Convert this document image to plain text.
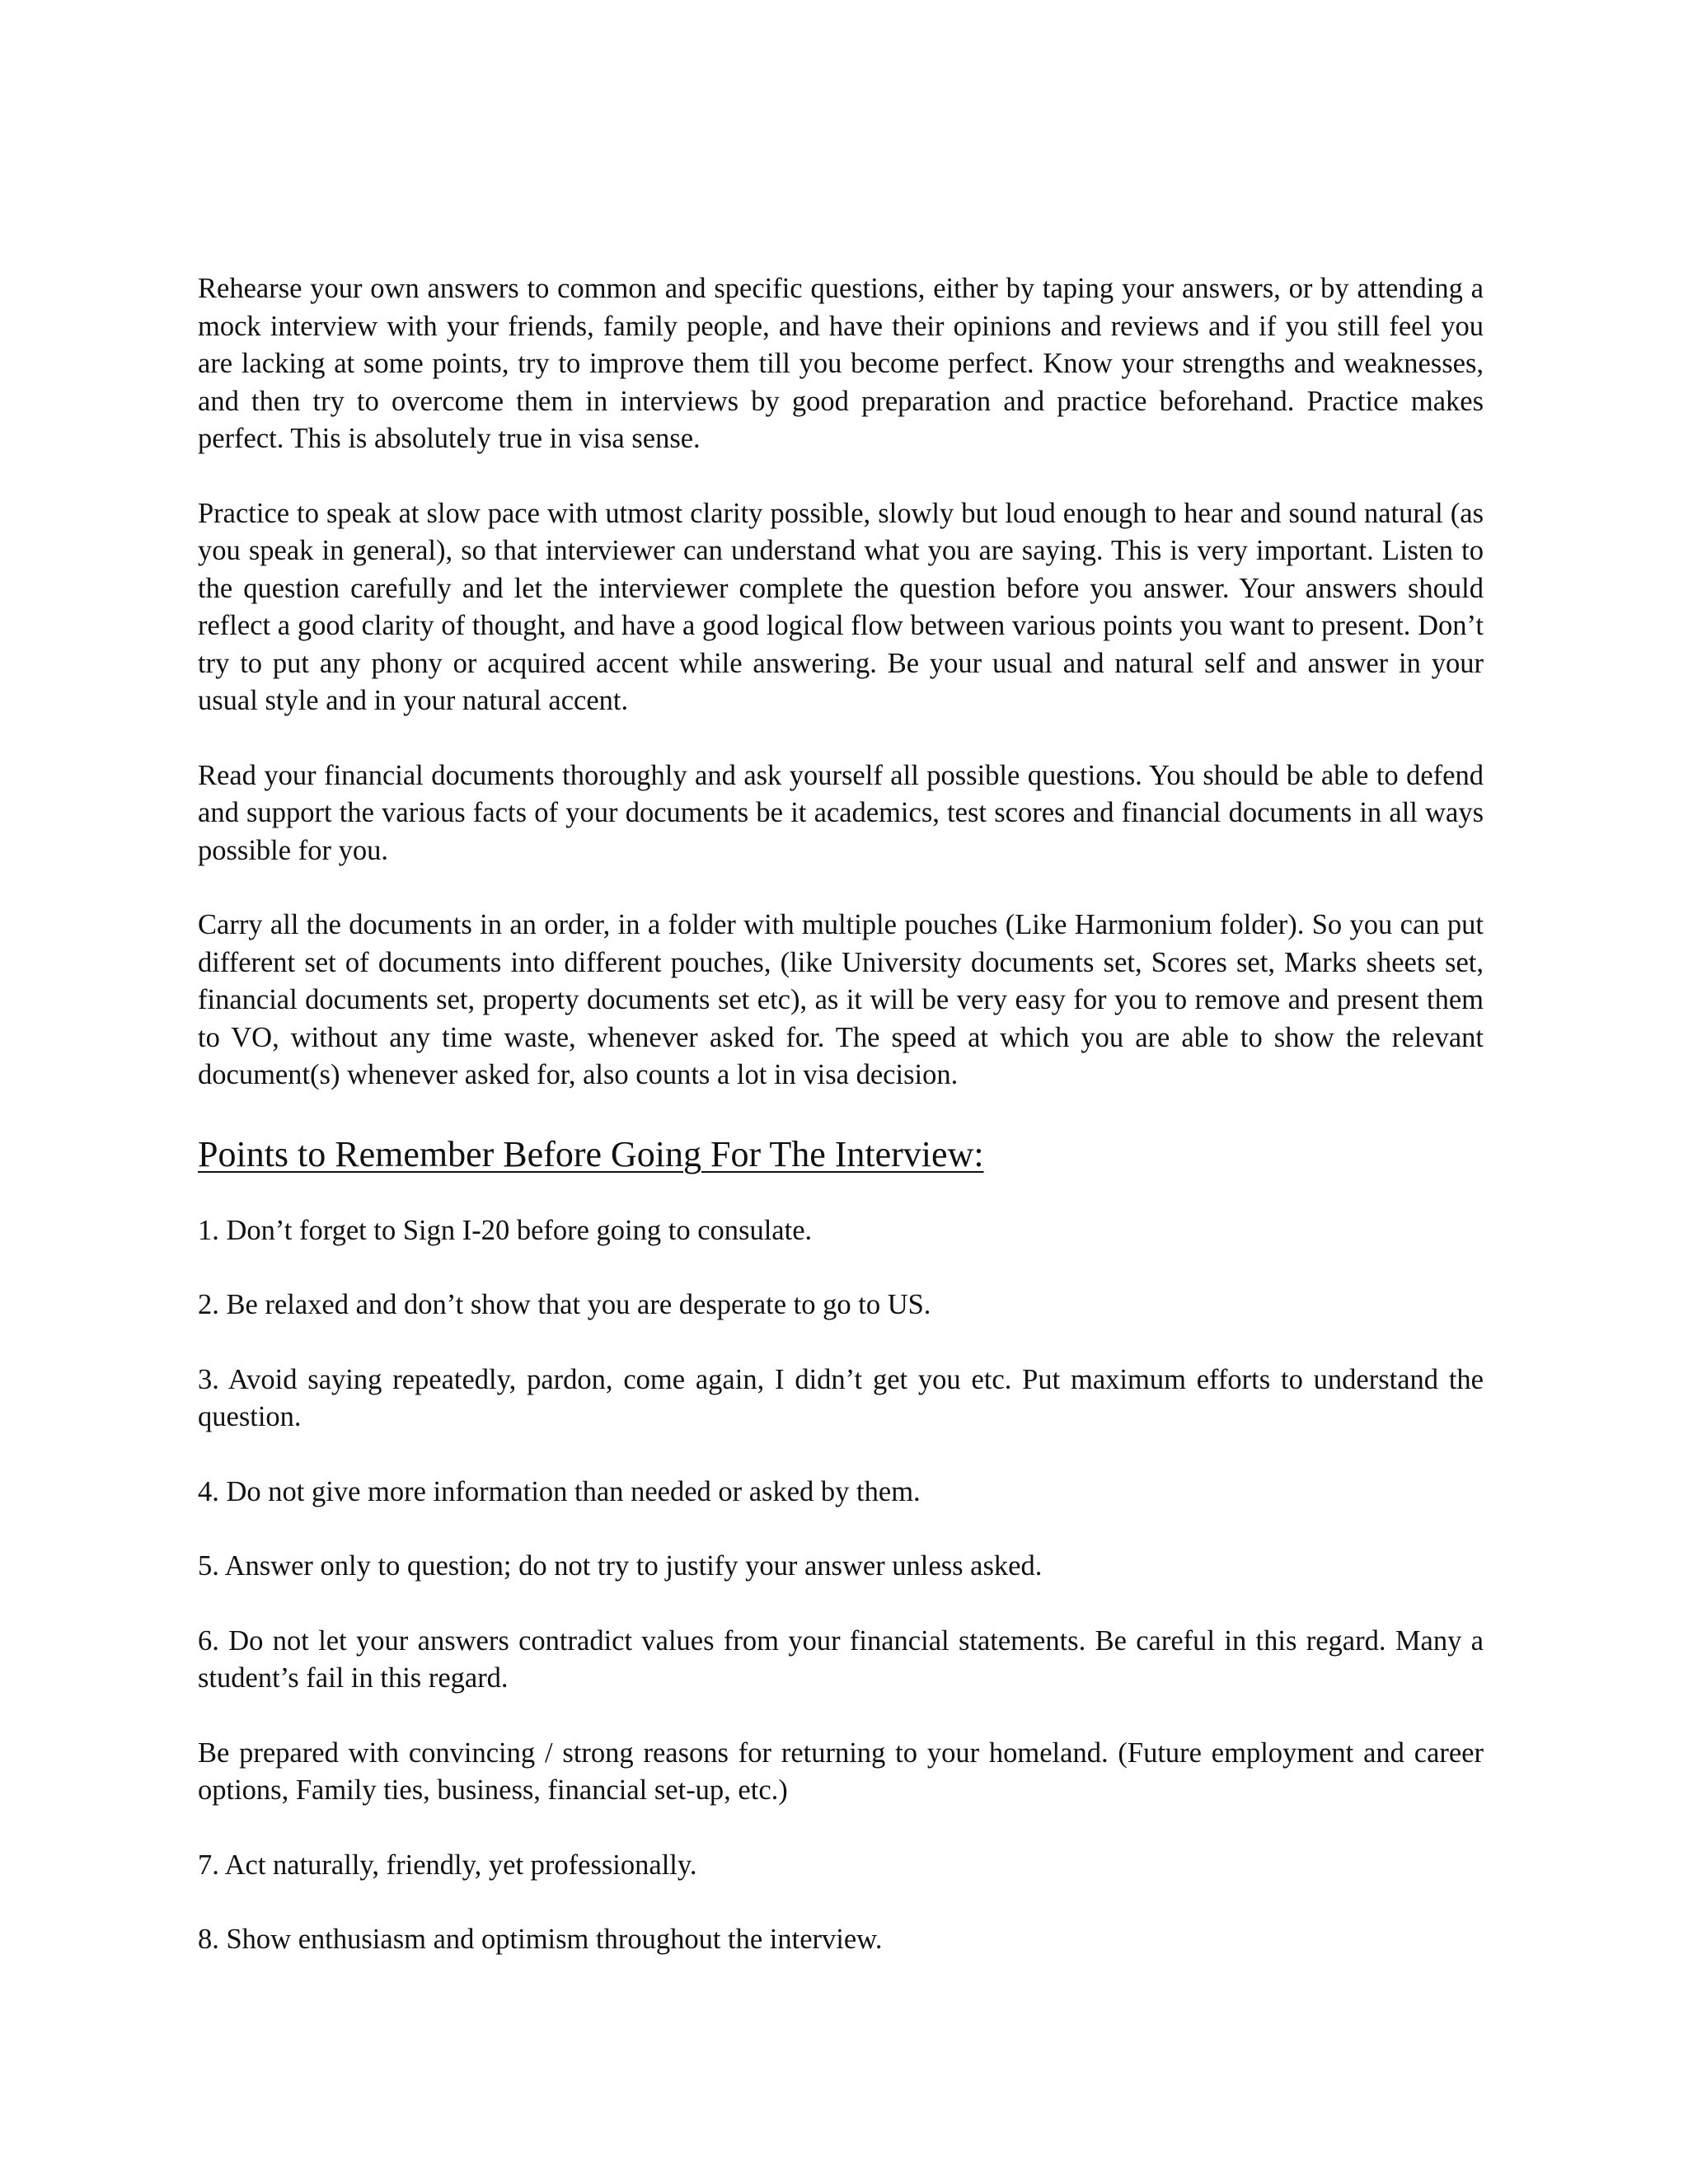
Rehearse your own answers to common and specific questions, either by taping your answers, or by attending a mock interview with your friends, family people, and have their opinions and reviews and if you still feel you are lacking at some points, try to improve them till you become perfect. Know your strengths and weaknesses, and then try to overcome them in interviews by good preparation and practice beforehand. Practice makes perfect. This is absolutely true in visa sense.

Practice to speak at slow pace with utmost clarity possible, slowly but loud enough to hear and sound natural (as you speak in general), so that interviewer can understand what you are saying. This is very important. Listen to the question carefully and let the interviewer complete the question before you answer. Your answers should reflect a good clarity of thought, and have a good logical flow between various points you want to present. Don’t try to put any phony or acquired accent while answering. Be your usual and natural self and answer in your usual style and in your natural accent.

Read your financial documents thoroughly and ask yourself all possible questions. You should be able to defend and support the various facts of your documents be it academics, test scores and financial documents in all ways possible for you.

Carry all the documents in an order, in a folder with multiple pouches (Like Harmonium folder). So you can put different set of documents into different pouches, (like University documents set, Scores set, Marks sheets set, financial documents set, property documents set etc), as it will be very easy for you to remove and present them to VO, without any time waste, whenever asked for. The speed at which you are able to show the relevant document(s) whenever asked for, also counts a lot in visa decision.

Points to Remember Before Going For The Interview:

1. Don’t forget to Sign I-20 before going to consulate.

2. Be relaxed and don’t show that you are desperate to go to US.

3. Avoid saying repeatedly, pardon, come again, I didn’t get you etc. Put maximum efforts to understand the question.

4. Do not give more information than needed or asked by them.

5. Answer only to question; do not try to justify your answer unless asked.

6. Do not let your answers contradict values from your financial statements. Be careful in this regard. Many a student’s fail in this regard.

Be prepared with convincing / strong reasons for returning to your homeland. (Future employment and career options, Family ties, business, financial set-up, etc.)

7. Act naturally, friendly, yet professionally.

8. Show enthusiasm and optimism throughout the interview.
